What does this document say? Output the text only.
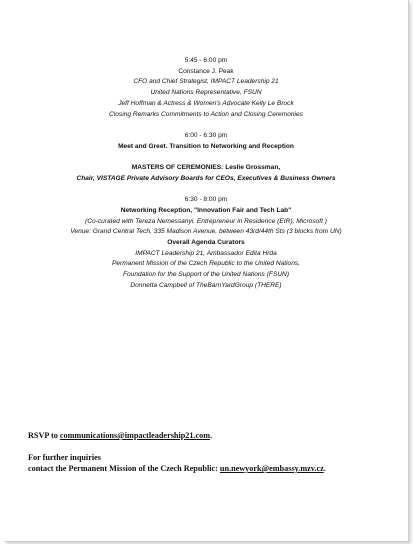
5:45 - 6:00 pm
Constance J. Peak
CFO and Chief Strategist, IMPACT Leadership 21
United Nations Representative, FSUN
Jeff Hoffman & Actress & Women's Advocate Kelly Le Brock
Closing Remarks Commitments to Action and Closing Ceremonies
6:00 - 6:30 pm
Meet and Greet. Transition to Networking and Reception
MASTERS OF CEREMONIES: Leslie Grossman,
Chair, VISTAGE Private Advisory Boards for CEOs, Executives & Business Owners
6:30 - 8:00 pm
Networking Reception, "Innovation Fair and Tech Lab"
(Co-curated with Tereza Nemessanyi, Entrepreneur in Residence (EIR), Microsoft )
Venue: Grand Central Tech, 335 Madison Avenue, between 43rd/44th Sts (3 blocks from UN)
Overall Agenda Curators
IMPACT Leadership 21, Ambassador Edita Hrda
Permanent Mission of the Czech Republic to the United Nations,
Foundation for the Support of the United Nations (FSUN)
Donnetta Campbell of TheBarnYardGroup (THERE)
RSVP to communications@impactleadership21.com.
For further inquiries
contact the Permanent Mission of the Czech Republic: un.newyork@embassy.mzv.cz.
